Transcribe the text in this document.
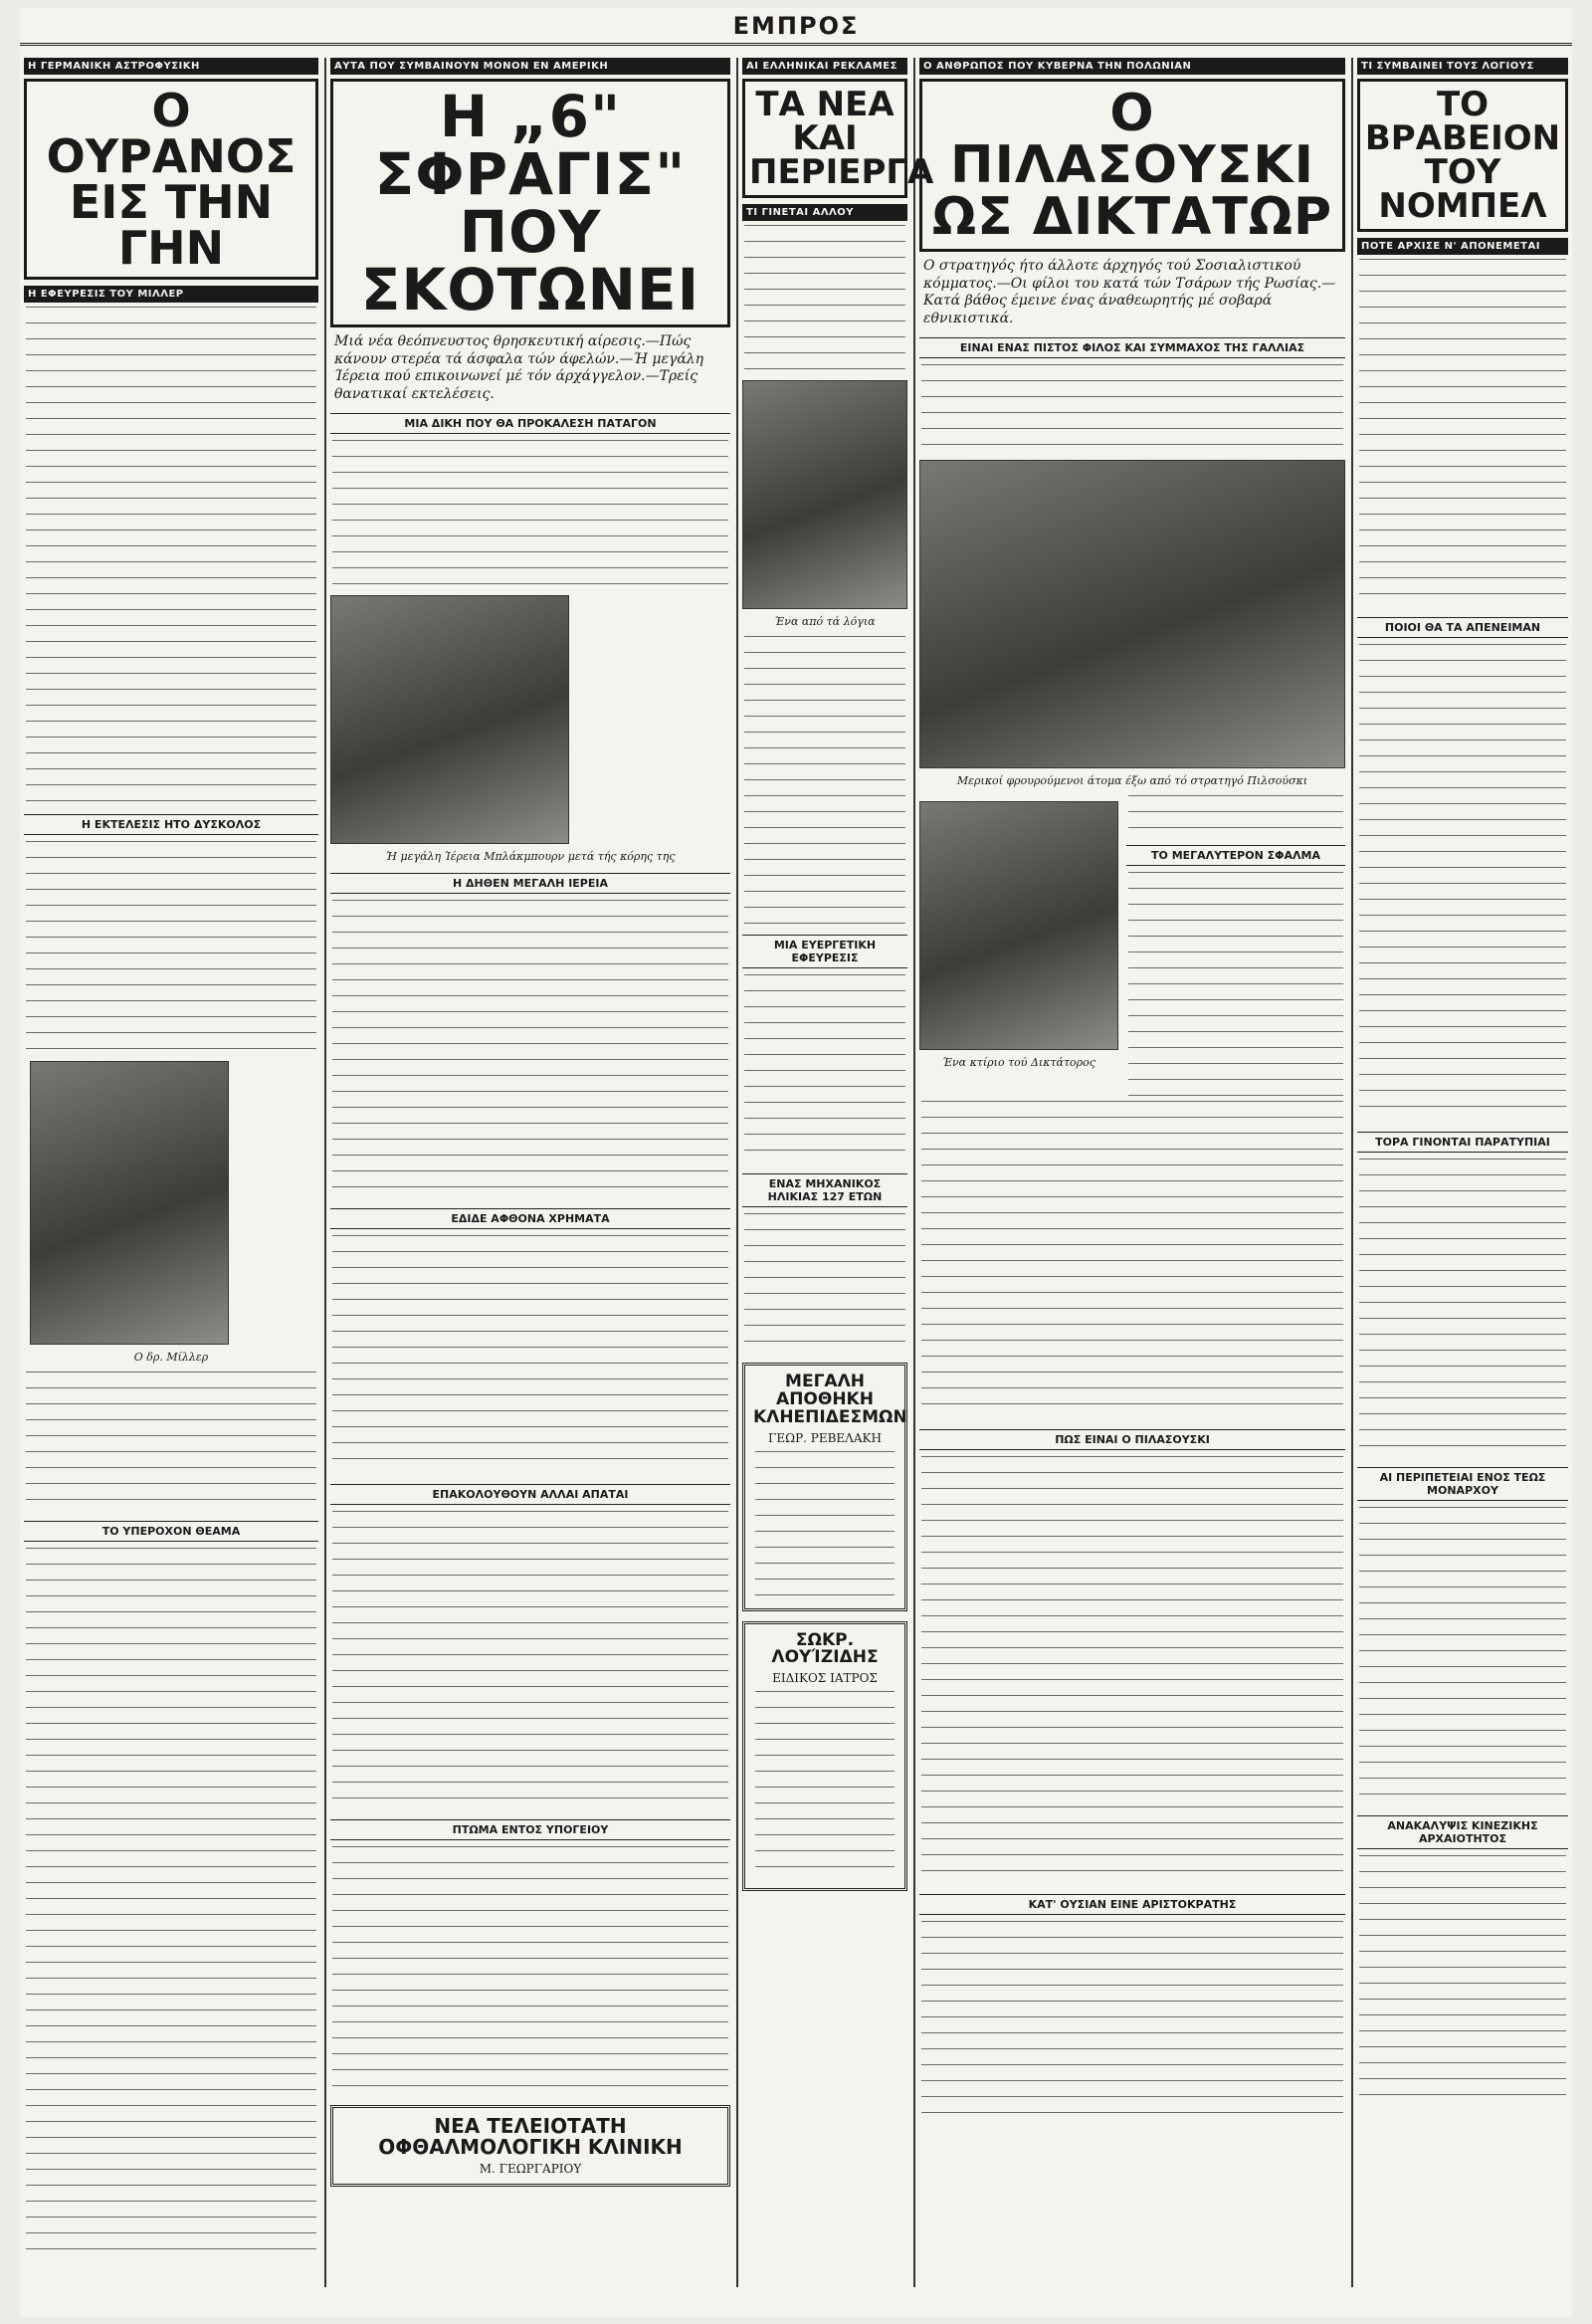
ΕΜΠΡΟΣ
Η ΓΕΡΜΑΝΙΚΗ ΑΣΤΡΟΦΥΣΙΚΗ
Ο ΟΥΡΑΝΟΣ ΕΙΣ ΤΗΝ ΓΗΝ
Η ΕΦΕΥΡΕΣΙΣ ΤΟΥ ΜΙΛΛΕΡ
Η ΕΚΤΕΛΕΣΙΣ ΗΤΟ ΔΥΣΚΟΛΟΣ
Ο δρ. Μίλλερ
ΤΟ ΥΠΕΡΟΧΟΝ ΘΕΑΜΑ
ΑΥΤΑ ΠΟΥ ΣΥΜΒΑΙΝΟΥΝ ΜΟΝΟΝ ΕΝ ΑΜΕΡΙΚΗ
Η „6" ΣΦΡΑΓΙΣ" ΠΟΥ ΣΚΟΤΩΝΕΙ
Μιά νέα θεόπνευστος θρησκευτική αίρεσις.—Πώς κάνουν στερέα τά άσφαλα τών άφελών.—Ή μεγάλη Ίέρεια πού επικοινωνεί μέ τόν άρχάγγελον.—Τρείς θανατικαί εκτελέσεις.
ΜΙΑ ΔΙΚΗ ΠΟΥ ΘΑ ΠΡΟΚΑΛΕΣΗ ΠΑΤΑΓΟΝ
Ή μεγάλη Ίέρεια Μπλάκμπουρν μετά τής κόρης της
Η ΔΗΘΕΝ ΜΕΓΑΛΗ ΙΕΡΕΙΑ
ΕΔΙΔΕ ΑΦΘΟΝΑ ΧΡΗΜΑΤΑ
ΕΠΑΚΟΛΟΥΘΟΥΝ ΑΛΛΑΙ ΑΠΑΤΑΙ
ΠΤΩΜΑ ΕΝΤΟΣ ΥΠΟΓΕΙΟΥ
ΝΕΑ ΤΕΛΕΙΟΤΑΤΗ ΟΦΘΑΛΜΟΛΟΓΙΚΗ ΚΛΙΝΙΚΗ
Μ. ΓΕΩΡΓΑΡΙΟΥ
ΑΙ ΕΛΛΗΝΙΚΑΙ ΡΕΚΛΑΜΕΣ
ΤΑ ΝΕΑ ΚΑΙ ΠΕΡΙΕΡΓΑ
ΤΙ ΓΙΝΕΤΑΙ ΑΛΛΟΥ
Ένα από τά λόγια
ΜΙΑ ΕΥΕΡΓΕΤΙΚΗ ΕΦΕΥΡΕΣΙΣ
ΕΝΑΣ ΜΗΧΑΝΙΚΟΣ ΗΛΙΚΙΑΣ 127 ΕΤΩΝ
ΜΕΓΑΛΗ ΑΠΟΘΗΚΗ ΚΛΗΕΠΙΔΕΣΜΩΝ
ΓΕΩΡ. ΡΕΒΕΛΑΚΗ
ΣΩΚΡ. ΛΟΥΊΖΙΔΗΣ
ΕΙΔΙΚΟΣ ΙΑΤΡΟΣ
Ο ΑΝΘΡΩΠΟΣ ΠΟΥ ΚΥΒΕΡΝΑ ΤΗΝ ΠΟΛΩΝΙΑΝ
Ο ΠΙΛΑΣΟΥΣΚΙ ΩΣ ΔΙΚΤΑΤΩΡ
Ο στρατηγός ήτο άλλοτε άρχηγός τού Σοσιαλιστικού κόμματος.—Οι φίλοι του κατά τών Τσάρων τής Ρωσίας.—Κατά βάθος έμεινε ένας άναθεωρητής μέ σοβαρά εθνικιστικά.
ΕΙΝΑΙ ΕΝΑΣ ΠΙΣΤΟΣ ΦΙΛΟΣ ΚΑΙ ΣΥΜΜΑΧΟΣ ΤΗΣ ΓΑΛΛΙΑΣ
Μερικοί φρουρούμενοι άτομα έξω από τό στρατηγό Πιλσούσκι
Ένα κτίριο τού Δικτάτορος
ΤΟ ΜΕΓΑΛΥΤΕΡΟΝ ΣΦΑΛΜΑ
ΠΩΣ ΕΙΝΑΙ Ο ΠΙΛΑΣΟΥΣΚΙ
ΚΑΤ' ΟΥΣΙΑΝ ΕΙΝΕ ΑΡΙΣΤΟΚΡΑΤΗΣ
ΤΙ ΣΥΜΒΑΙΝΕΙ ΤΟΥΣ ΛΟΓΙΟΥΣ
ΤΟ ΒΡΑΒΕΙΟΝ ΤΟΥ ΝΟΜΠΕΛ
ΠΟΤΕ ΑΡΧΙΣΕ Ν' ΑΠΟΝΕΜΕΤΑΙ
ΠΟΙΟΙ ΘΑ ΤΑ ΑΠΕΝΕΙΜΑΝ
ΤΟΡΑ ΓΙΝΟΝΤΑΙ ΠΑΡΑΤΥΠΙΑΙ
ΑΙ ΠΕΡΙΠΕΤΕΙΑΙ ΕΝΟΣ ΤΕΩΣ ΜΟΝΑΡΧΟΥ
ΑΝΑΚΑΛΥΨΙΣ ΚΙΝΕΖΙΚΗΣ ΑΡΧΑΙΟΤΗΤΟΣ
